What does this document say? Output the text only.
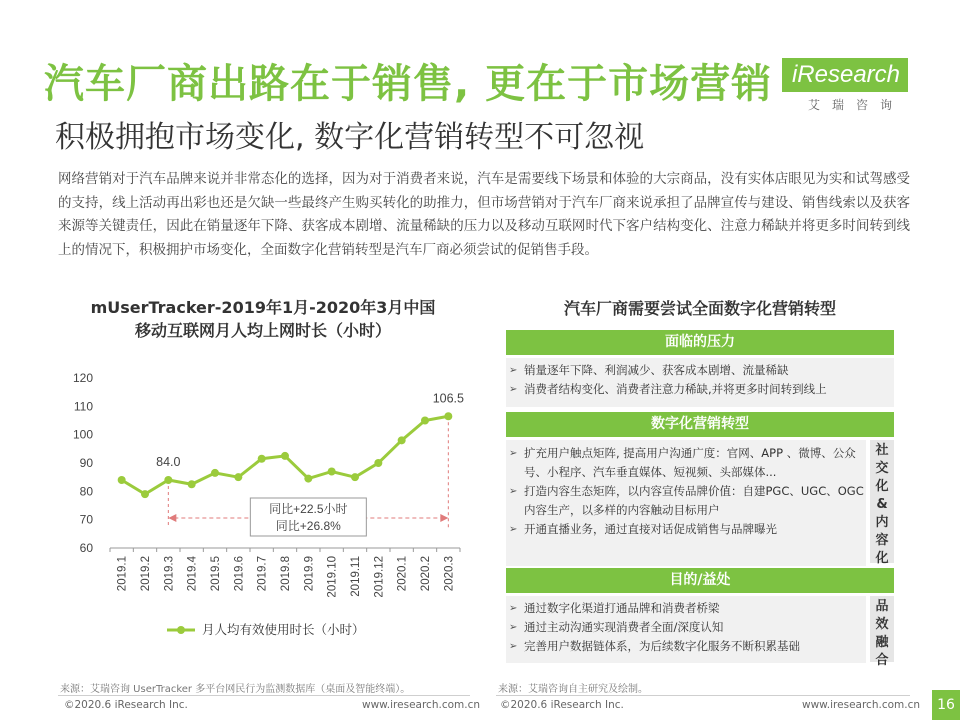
汽车厂商出路在于销售, 更在于市场营销 iResearch
艾瑞咨询
积极拥抱市场变化, 数字化营销转型不可忽视
网络营销对于汽车品牌来说并非常态化的选择，因为对于消费者来说，汽车是需要线下场景和体验的大宗商品，没有实体店眼见为实和试驾感受的支持，线上活动再出彩也还是欠缺一些最终产生购买转化的助推力，但市场营销对于汽车厂商来说承担了品牌宣传与建设、销售线索以及获客来源等关键责任，因此在销量逐年下降、获客成本剧增、流量稀缺的压力以及移动互联网时代下客户结构变化、注意力稀缺并将更多时间转到线上的情况下，积极拥护市场变化，全面数字化营销转型是汽车厂商必须尝试的促销售手段。
mUserTracker-2019年1月-2020年3月中国
移动互联网月人均上网时长（小时）
60
70
80
90
100
110
120
2019.1 2019.2 2019.3 2019.4 2019.5 2019.6 2019.7 2019.8 2019.9 2019.10 2019.11 2019.12 2020.1 2020.2 2020.3
84.0
106.5
同比+22.5小时
同比+26.8%
月人均有效使用时长（小时）
汽车厂商需要尝试全面数字化营销转型
面临的压力
➢ 销量逐年下降、利润减少、获客成本剧增、流量稀缺
➢ 消费者结构变化、消费者注意力稀缺,并将更多时间转到线上
数字化营销转型
➢ 扩充用户触点矩阵, 提高用户沟通广度：官网、APP 、微博、公众号、小程序、汽车垂直媒体、短视频、头部媒体...
➢ 打造内容生态矩阵，以内容宣传品牌价值：自建PGC、UGC、OGC内容生产，以多样的内容触动目标用户
➢ 开通直播业务，通过直接对话促成销售与品牌曝光
社交化&内容化
目的/益处
➢ 通过数字化渠道打通品牌和消费者桥梁
➢ 通过主动沟通实现消费者全面/深度认知
➢ 完善用户数据链体系，为后续数字化服务不断积累基础
品效融合
来源：艾瑞咨询 UserTracker 多平台网民行为监测数据库（桌面及智能终端）。	来源：艾瑞咨询自主研究及绘制。
©2020.6 iResearch Inc.	www.iresearch.com.cn ©2020.6 iResearch Inc.	www.iresearch.com.cn	16
